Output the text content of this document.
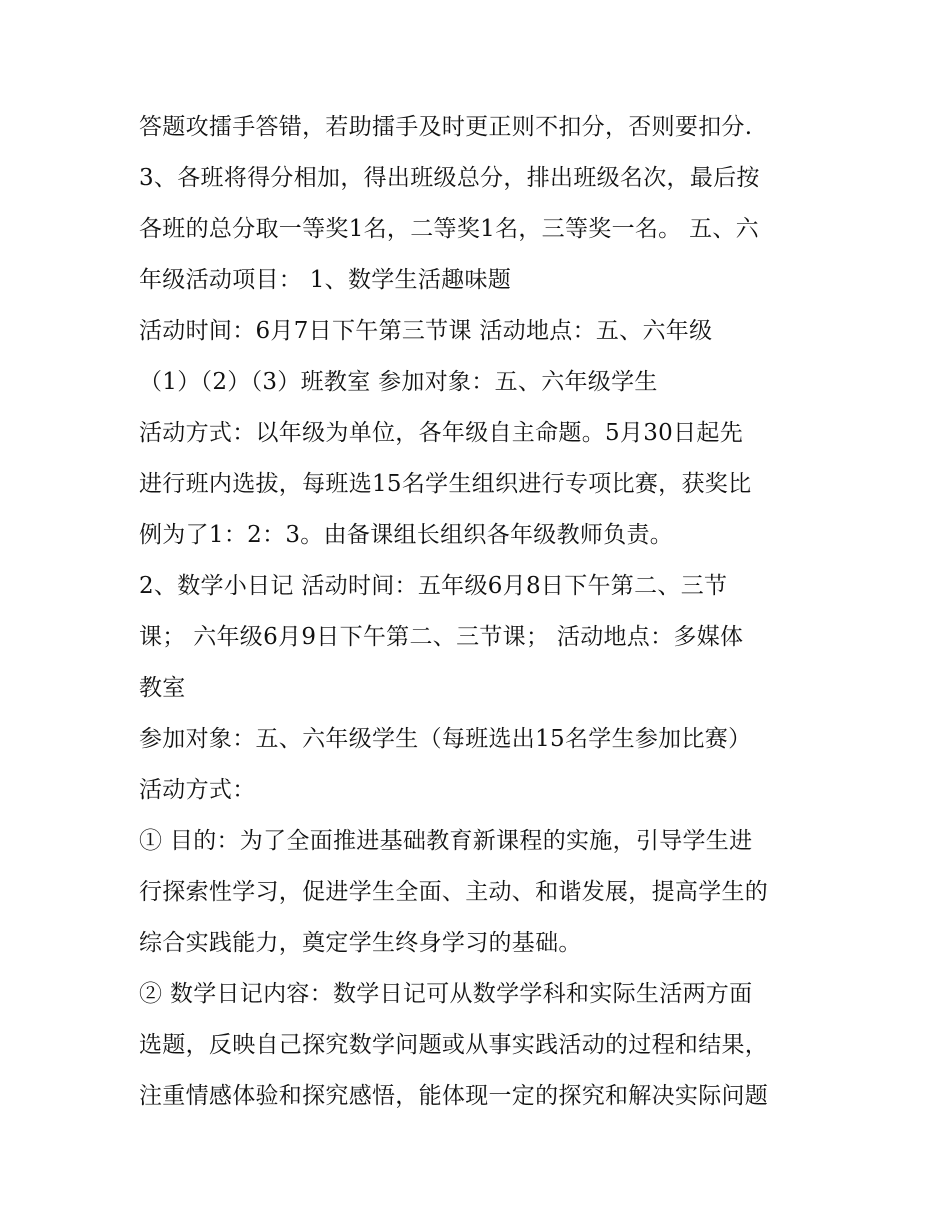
答题攻擂手答错，若助擂手及时更正则不扣分，否则要扣分.
3、各班将得分相加，得出班级总分，排出班级名次，最后按
各班的总分取一等奖1名，二等奖1名，三等奖一名。 五、六
年级活动项目： 1、数学生活趣味题
活动时间：6月7日下午第三节课 活动地点：五、六年级
（1）（2）（3）班教室 参加对象：五、六年级学生
活动方式：以年级为单位，各年级自主命题。5月30日起先
进行班内选拔，每班选15名学生组织进行专项比赛，获奖比
例为了1：2：3。由备课组长组织各年级教师负责。
2、数学小日记 活动时间：五年级6月8日下午第二、三节
课； 六年级6月9日下午第二、三节课； 活动地点：多媒体
教室
参加对象：五、六年级学生（每班选出15名学生参加比赛）
活动方式：
① 目的：为了全面推进基础教育新课程的实施，引导学生进
行探索性学习，促进学生全面、主动、和谐发展，提高学生的
综合实践能力，奠定学生终身学习的基础。
② 数学日记内容：数学日记可从数学学科和实际生活两方面
选题，反映自己探究数学问题或从事实践活动的过程和结果，
注重情感体验和探究感悟，能体现一定的探究和解决实际问题
